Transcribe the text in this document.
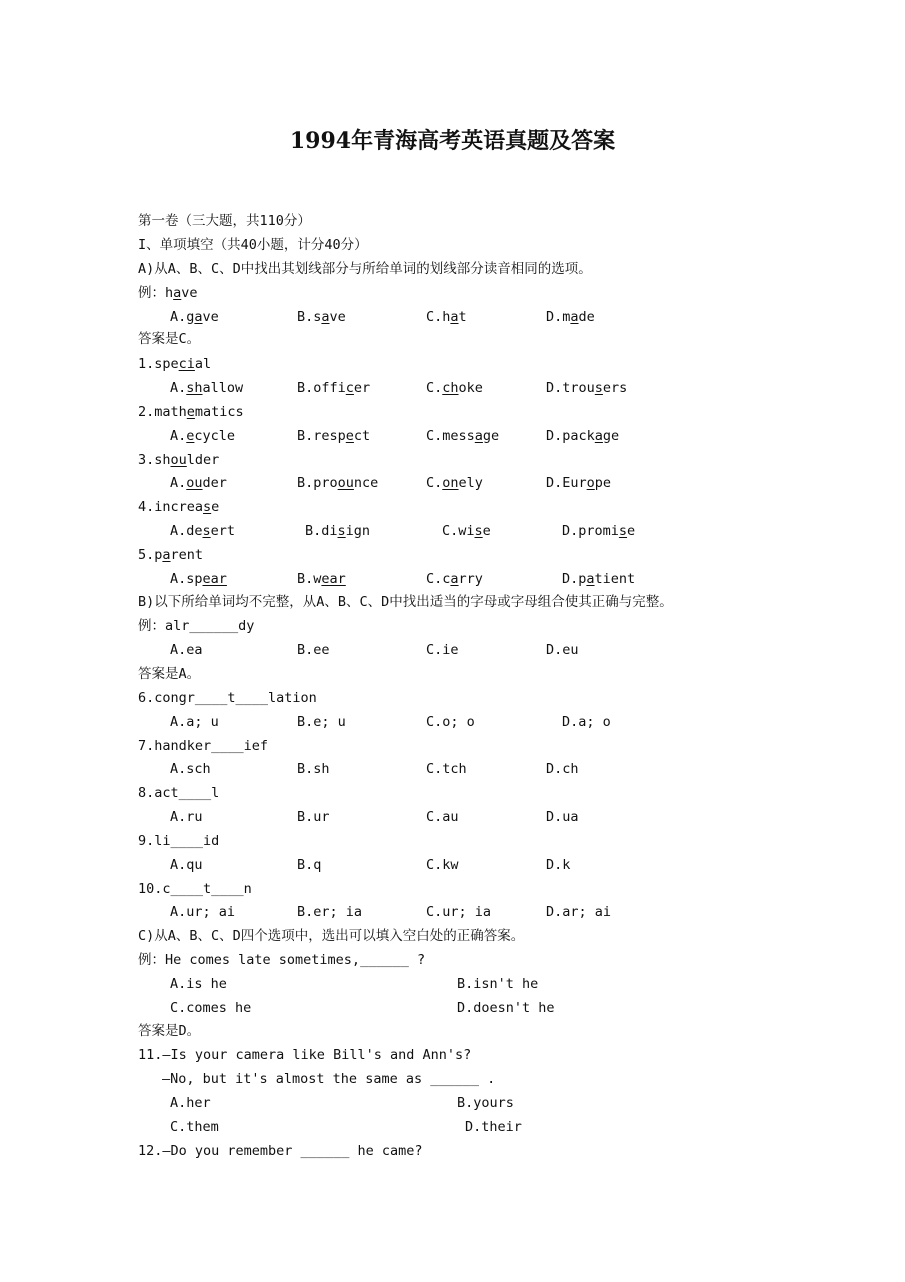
1994年青海高考英语真题及答案
第一卷（三大题，共110分）
I、单项填空（共40小题，计分40分）
A)从A、B、C、D中找出其划线部分与所给单词的划线部分读音相同的选项。
例：have
A.gave	B.save	C.hat	D.made
答案是C。
1.special
A.shallow	B.officer	C.choke	D.trousers
2.mathematics
A.ecycle	B.respect	C.message	D.package
3.shoulder
A.ouder	B.proounce	C.onely	D.Europe
4.increase
A.desert	B.disign	C.wise	D.promise
5.parent
A.spear	B.wear	C.carry	D.patient
B)以下所给单词均不完整，从A、B、C、D中找出适当的字母或字母组合使其正确与完整。
例：alr______dy
A.ea	B.ee	C.ie	D.eu
答案是A。
6.congr____t____lation
A.a; u	B.e; u	C.o; o	D.a; o
7.handker____ief
A.sch	B.sh	C.tch	D.ch
8.act____l
A.ru	B.ur	C.au	D.ua
9.li____id
A.qu	B.q	C.kw	D.k
10.c____t____n
A.ur; ai	B.er; ia	C.ur; ia	D.ar; ai
C)从A、B、C、D四个选项中，选出可以填入空白处的正确答案。
例：He comes late sometimes,______ ?
A.is he	B.isn't he
C.comes he	D.doesn't he
答案是D。
11.—Is your camera like Bill's and Ann's?
—No, but it's almost the same as ______ .
A.her	B.yours
C.them	D.their
12.—Do you remember ______ he came?
